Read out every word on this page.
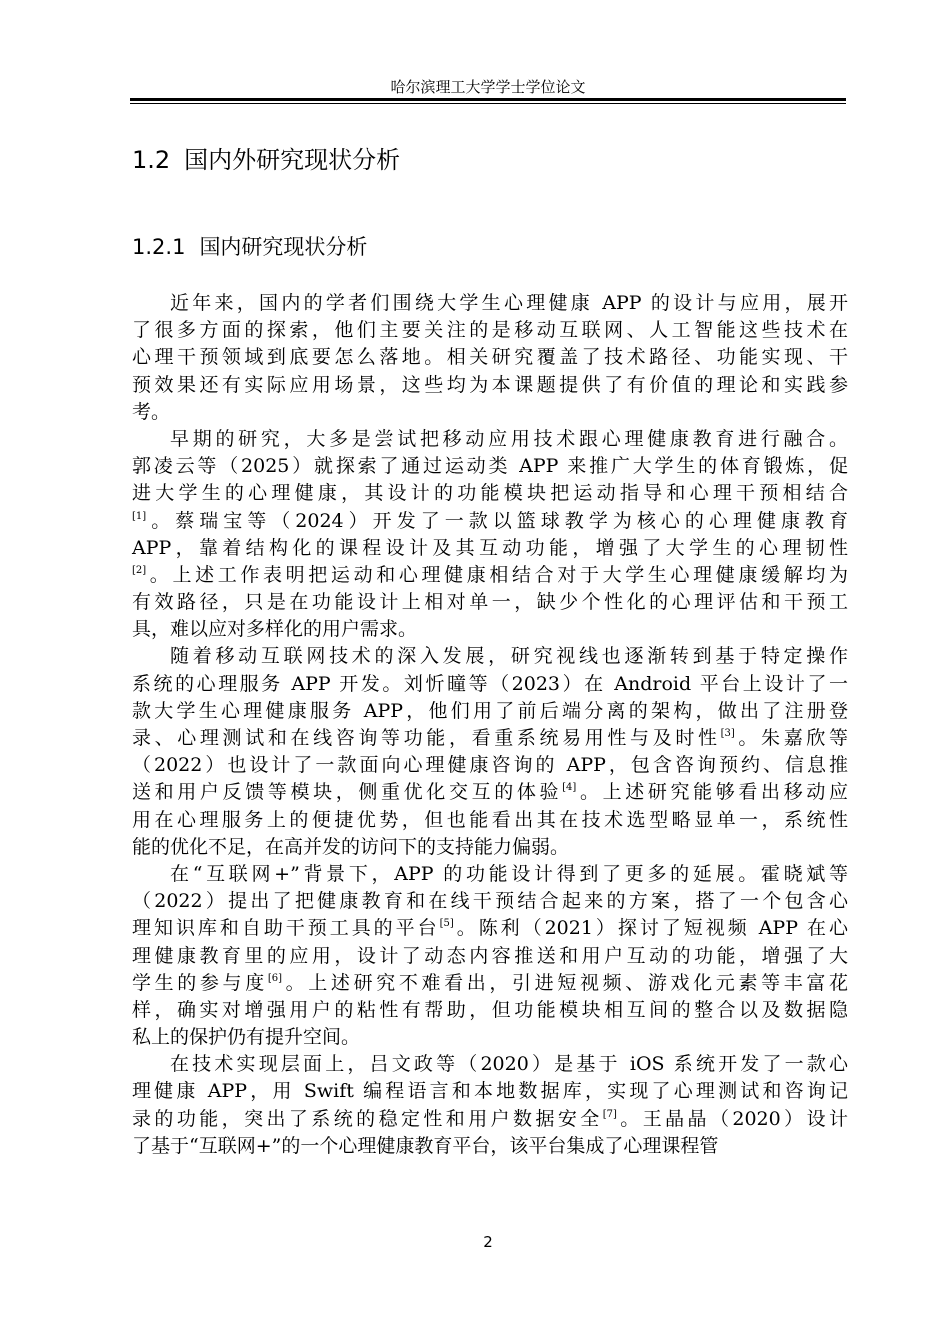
哈尔滨理工大学学士学位论文
1.2 国内外研究现状分析
1.2.1 国内研究现状分析
近年来，国内的学者们围绕大学生心理健康 APP 的设计与应用，展开
了很多方面的探索，他们主要关注的是移动互联网、人工智能这些技术在
心理干预领域到底要怎么落地。相关研究覆盖了技术路径、功能实现、干
预效果还有实际应用场景，这些均为本课题提供了有价值的理论和实践参
考。
早期的研究，大多是尝试把移动应用技术跟心理健康教育进行融合。
郭凌云等（2025）就探索了通过运动类 APP 来推广大学生的体育锻炼，促
进大学生的心理健康，其设计的功能模块把运动指导和心理干预相结合
[1]。蔡瑞宝等（2024）开发了一款以篮球教学为核心的心理健康教育
APP，靠着结构化的课程设计及其互动功能，增强了大学生的心理韧性
[2]。上述工作表明把运动和心理健康相结合对于大学生心理健康缓解均为
有效路径，只是在功能设计上相对单一，缺少个性化的心理评估和干预工
具，难以应对多样化的用户需求。
随着移动互联网技术的深入发展，研究视线也逐渐转到基于特定操作
系统的心理服务 APP 开发。刘忻曈等（2023）在 Android 平台上设计了一
款大学生心理健康服务 APP，他们用了前后端分离的架构，做出了注册登
录、心理测试和在线咨询等功能，看重系统易用性与及时性[3]。朱嘉欣等
（2022）也设计了一款面向心理健康咨询的 APP，包含咨询预约、信息推
送和用户反馈等模块，侧重优化交互的体验[4]。上述研究能够看出移动应
用在心理服务上的便捷优势，但也能看出其在技术选型略显单一，系统性
能的优化不足，在高并发的访问下的支持能力偏弱。
在“互联网+”背景下，APP 的功能设计得到了更多的延展。霍晓斌等
（2022）提出了把健康教育和在线干预结合起来的方案，搭了一个包含心
理知识库和自助干预工具的平台[5]。陈利（2021）探讨了短视频 APP 在心
理健康教育里的应用，设计了动态内容推送和用户互动的功能，增强了大
学生的参与度[6]。上述研究不难看出，引进短视频、游戏化元素等丰富花
样，确实对增强用户的粘性有帮助，但功能模块相互间的整合以及数据隐
私上的保护仍有提升空间。
在技术实现层面上，吕文政等（2020）是基于 iOS 系统开发了一款心
理健康 APP，用 Swift 编程语言和本地数据库，实现了心理测试和咨询记
录的功能，突出了系统的稳定性和用户数据安全[7]。王晶晶（2020）设计
了基于“互联网+”的一个心理健康教育平台，该平台集成了心理课程管
2
